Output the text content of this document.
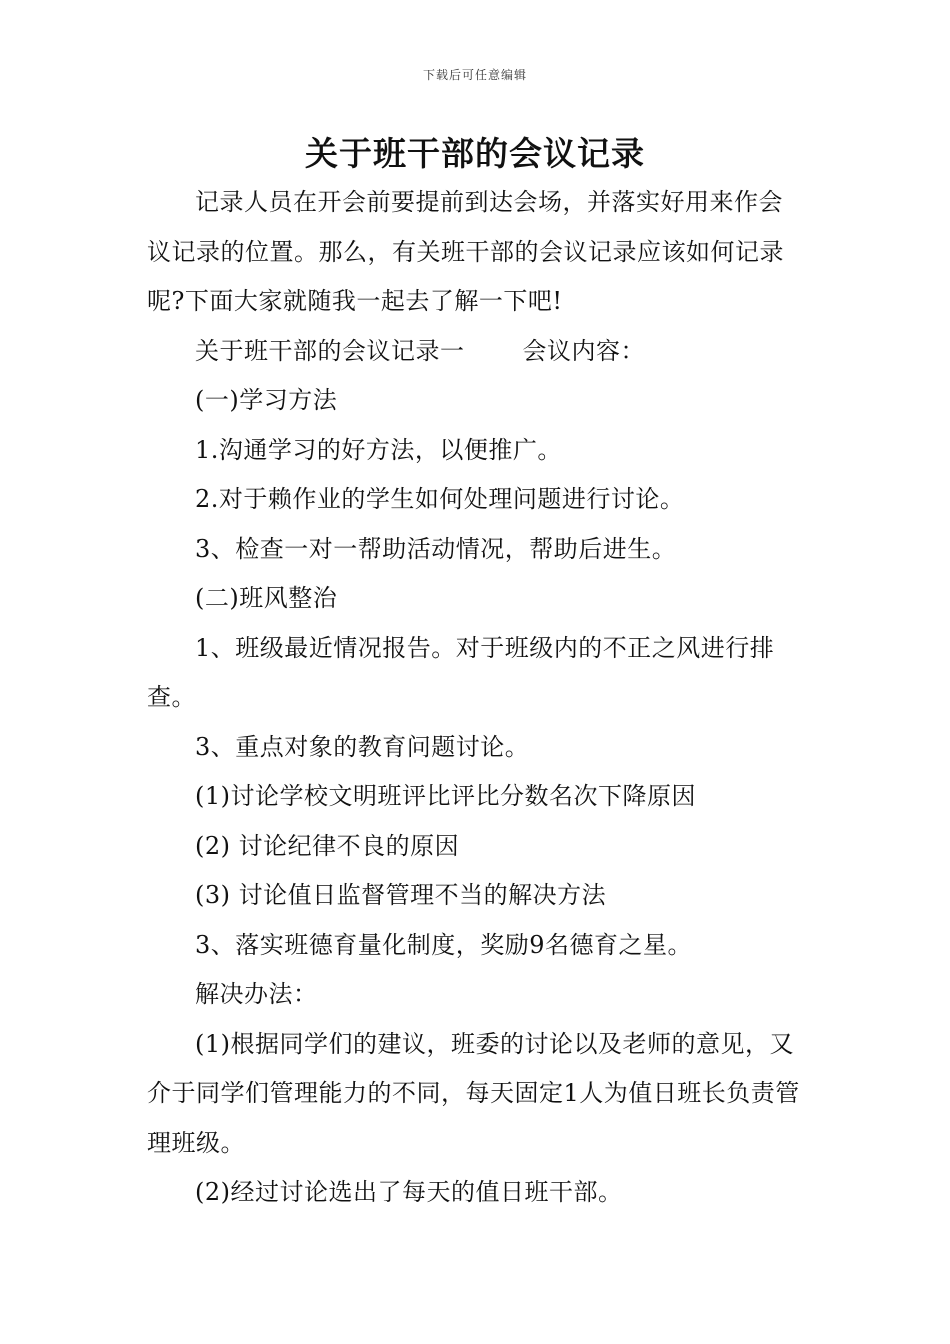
下载后可任意编辑
关于班干部的会议记录

记录人员在开会前要提前到达会场，并落实好用来作会议记录的位置。那么，有关班干部的会议记录应该如何记录呢?下面大家就随我一起去了解一下吧!

关于班干部的会议记录一 会议内容：

(一)学习方法

1.沟通学习的好方法，以便推广。

2.对于赖作业的学生如何处理问题进行讨论。

3、检查一对一帮助活动情况，帮助后进生。

(二)班风整治

1、班级最近情况报告。对于班级内的不正之风进行排查。

3、重点对象的教育问题讨论。

(1)讨论学校文明班评比评比分数名次下降原因

(2) 讨论纪律不良的原因

(3) 讨论值日监督管理不当的解决方法

3、落实班德育量化制度，奖励9名德育之星。

解决办法：

(1)根据同学们的建议，班委的讨论以及老师的意见，又介于同学们管理能力的不同，每天固定1人为值日班长负责管理班级。

(2)经过讨论选出了每天的值日班干部。
